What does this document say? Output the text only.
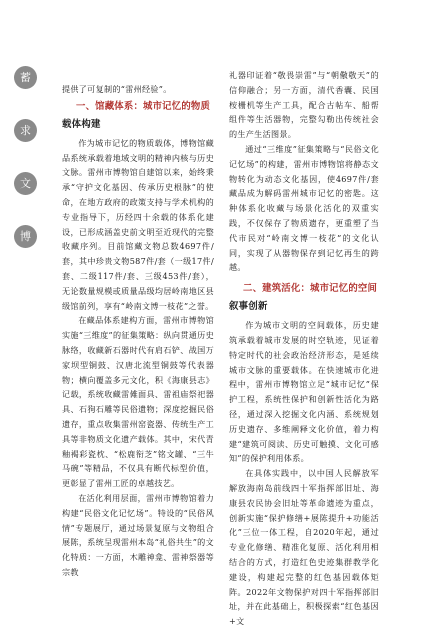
蓄
求
文
博

提供了可复制的“雷州经验”。

一、馆藏体系：城市记忆的物质
载体构建

作为城市记忆的物质载体，博物馆藏品系统承载着地域文明的精神内核与历史文脉。雷州市博物馆自建馆以来，始终秉承“守护文化基因、传承历史根脉”的使命，在地方政府的政策支持与学术机构的专业指导下，历经四十余载的体系化建设，已形成涵盖史前文明至近现代的完整收藏序列。目前馆藏文物总数4697件/套，其中珍贵文物587件/套（一级17件/套、二级117件/套、三级453件/套），无论数量规模或质量品级均居岭南地区县级馆前列，享有“岭南文博一枝花”之誉。

在藏品体系建构方面，雷州市博物馆实施“三维度”的征集策略：纵向贯通历史脉络，收藏新石器时代有肩石铲、战国万家坝型铜鼓、汉唐北流型铜鼓等代表器物；横向覆盖多元文化，积《海康县志》记载，系统收藏雷傩面具、雷祖庙祭祀器具、石狗石雕等民俗遗物；深度挖掘民俗遗存，重点收集雷州窑瓷器、传统生产工具等非物质文化遗产载体。其中，宋代青釉褐彩瓷枕、“松鹿衔芝”铭文罐、“三牛马碗”等精品，不仅具有断代标型价值，更彰显了雷州工匠的卓越技艺。

在活化利用层面，雷州市博物馆着力构建“民俗文化记忆场”。特设的“民俗风情”专题展厅，通过场景复原与文物组合展陈，系统呈现雷州本岛“礼俗共生”的文化特质：一方面，木雕神龛、雷神祭器等宗教

礼器印证着“敬畏崇雷”与“朝儆敬天”的信仰融合；另一方面，清代香囊、民国桉栅机等生产工具，配合古帖车、船帮组件等生活器物，完整勾勒出传统社会的生产生活图景。

通过“三维度”征集策略与“民俗文化记忆场”的构建，雷州市博物馆将静态文物转化为动态文化基因，使4697件/套藏品成为解码雷州城市记忆的密匙。这种体系化收藏与场景化活化的双重实践，不仅保存了物质遗存，更重塑了当代市民对“岭南文博一枝花”的文化认同，实现了从器物保存到记忆再生的跨越。

二、建筑活化：城市记忆的空间
叙事创新

作为城市文明的空间载体，历史建筑承载着城市发展的时空轨迹，见证着特定时代的社会政治经济形态，是延续城市文脉的重要载体。在快速城市化进程中，雷州市博物馆立足“城市记忆”保护工程，系统性保护和创新性活化为路径，通过深入挖掘文化内涵、系统规划历史遗存、多维阐释文化价值，着力构建“建筑可阅读、历史可触摸、文化可感知”的保护利用体系。

在具体实践中，以中国人民解放军解放海南岛前线四十军指挥部旧址、海康县农民协会旧址等革命遗迹为重点，创新实施“保护修缮+展陈提升+功能活化”三位一体工程，自2020年起，通过专业化修缮、精准化复原、活化利用相结合的方式，打造红色史迹集群教学化建设，构建起完整的红色基因载体矩阵。2022年文物保护对四十军指挥部旧址，并在此基础上，积极探索“红色基因+文
